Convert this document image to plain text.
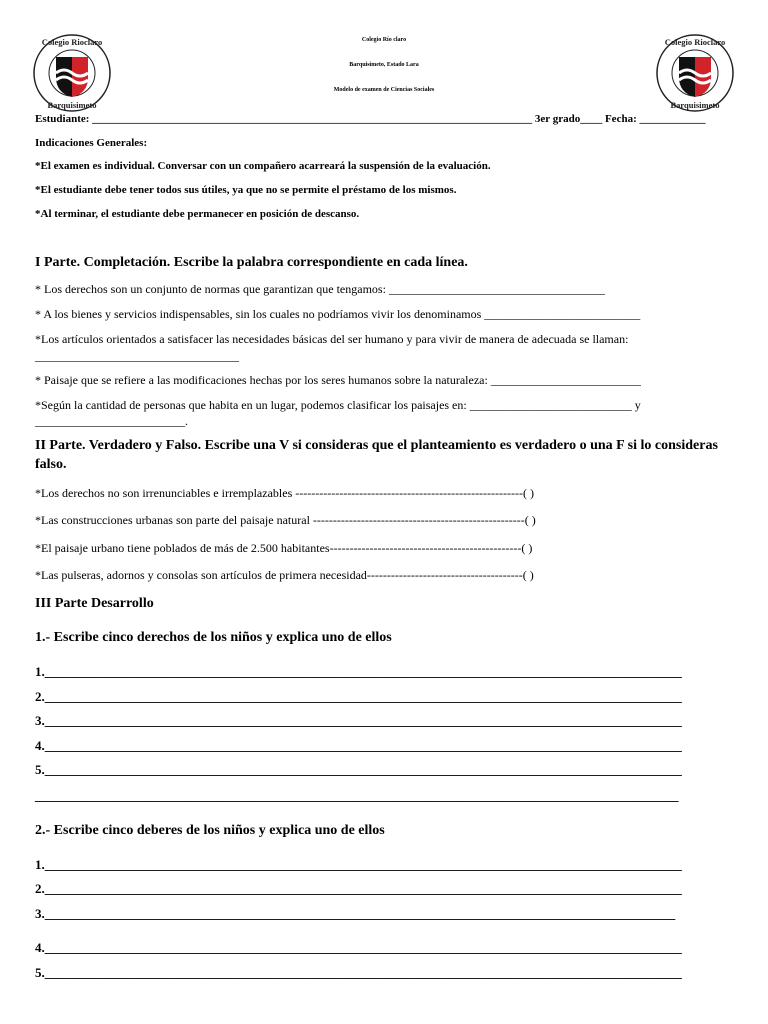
Colegio Rioclaro
Barquisimeto
Colegio Rioclaro
Barquisimeto
Colegio Río claro
Barquisimeto, Estado Lara
Modelo de examen de Ciencias Sociales
Estudiante: ________________________________________________________________________________ 3er grado____ Fecha: ____________
Indicaciones Generales:
*El examen es individual. Conversar con un compañero acarreará la suspensión de la evaluación.
*El estudiante debe tener todos sus útiles, ya que no se permite el préstamo de los mismos.
*Al terminar, el estudiante debe permanecer en posición de descanso.
I Parte. Completación. Escribe la palabra correspondiente en cada línea.
* Los derechos son un conjunto de normas que garantizan que tengamos: ____________________________________
* A los bienes y servicios indispensables, sin los cuales no podríamos vivir los denominamos __________________________
*Los artículos orientados a satisfacer las necesidades básicas del ser humano y para vivir de manera de adecuada se llaman:
__________________________________
* Paisaje que se refiere a las modificaciones hechas por los seres humanos sobre la naturaleza: _________________________
*Según la cantidad de personas que habita en un lugar, podemos clasificar los paisajes en: ___________________________ y
_________________________.
II Parte. Verdadero y Falso. Escribe una V si consideras que el planteamiento es verdadero o una F si lo consideras
falso.
*Los derechos no son irrenunciables e irremplazables ---------------------------------------------------------( )
*Las construcciones urbanas son parte del paisaje natural -----------------------------------------------------( )
*El paisaje urbano tiene poblados de más de 2.500 habitantes------------------------------------------------( )
*Las pulseras, adornos y consolas son artículos de primera necesidad---------------------------------------( )
III Parte Desarrollo
1.- Escribe cinco derechos de los niños y explica uno de ellos
1.__________________________________________________________________________________________________
2.__________________________________________________________________________________________________
3.__________________________________________________________________________________________________
4.__________________________________________________________________________________________________
5.__________________________________________________________________________________________________
___________________________________________________________________________________________________
2.- Escribe cinco deberes de los niños y explica uno de ellos
1.__________________________________________________________________________________________________
2.__________________________________________________________________________________________________
3._________________________________________________________________________________________________
4.__________________________________________________________________________________________________
5.__________________________________________________________________________________________________
